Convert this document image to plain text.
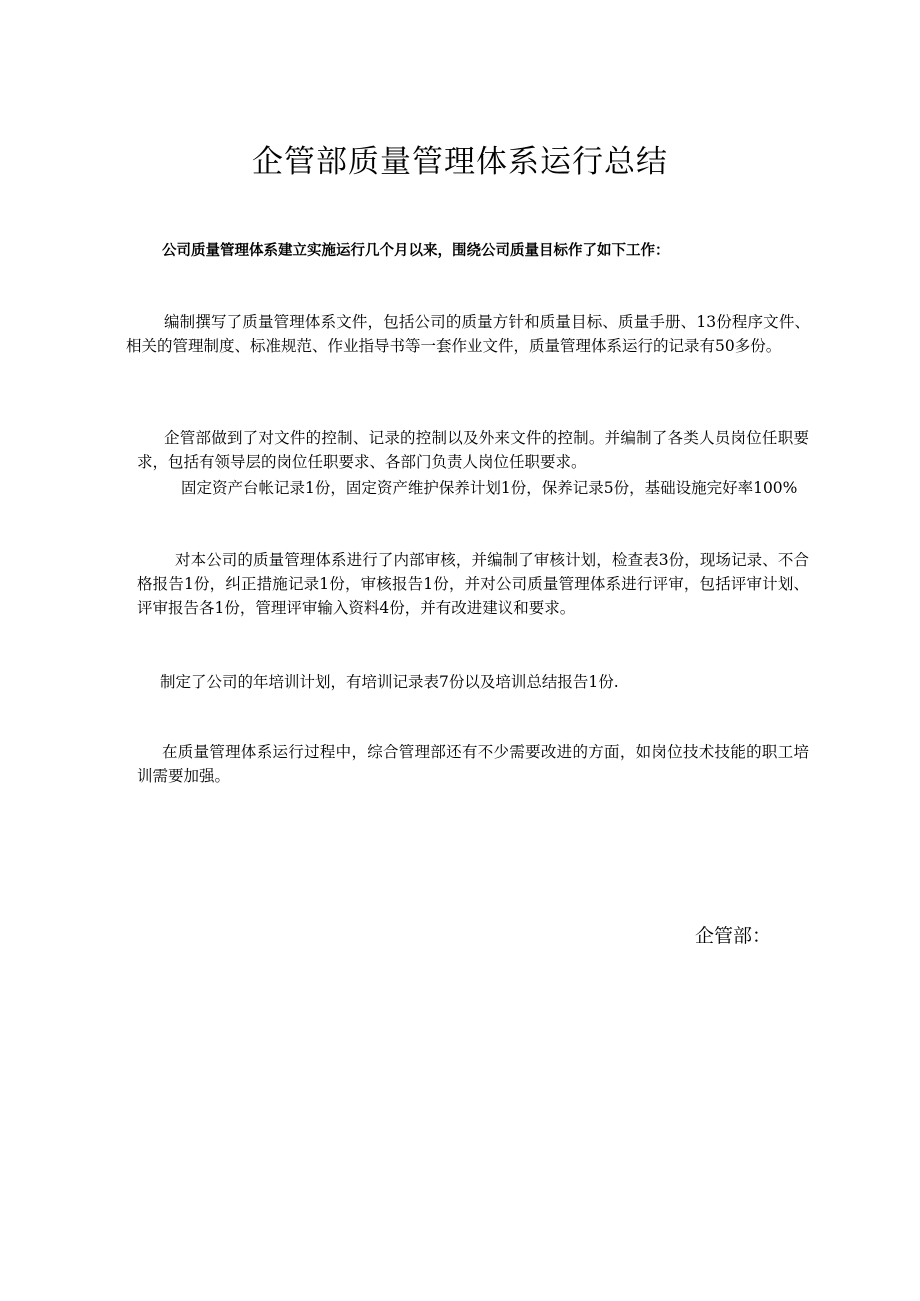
企管部质量管理体系运行总结

公司质量管理体系建立实施运行几个月以来，围绕公司质量目标作了如下工作：

编制撰写了质量管理体系文件，包括公司的质量方针和质量目标、质量手册、13份程序文件、相关的管理制度、标准规范、作业指导书等一套作业文件，质量管理体系运行的记录有50多份。

企管部做到了对文件的控制、记录的控制以及外来文件的控制。并编制了各类人员岗位任职要求，包括有领导层的岗位任职要求、各部门负责人岗位任职要求。

固定资产台帐记录1份，固定资产维护保养计划1份，保养记录5份，基础设施完好率100%

对本公司的质量管理体系进行了内部审核，并编制了审核计划，检查表3份，现场记录、不合格报告1份，纠正措施记录1份，审核报告1份，并对公司质量管理体系进行评审，包括评审计划、评审报告各1份，管理评审输入资料4份，并有改进建议和要求。

制定了公司的年培训计划，有培训记录表7份以及培训总结报告1份.

在质量管理体系运行过程中，综合管理部还有不少需要改进的方面，如岗位技术技能的职工培训需要加强。

企管部：
